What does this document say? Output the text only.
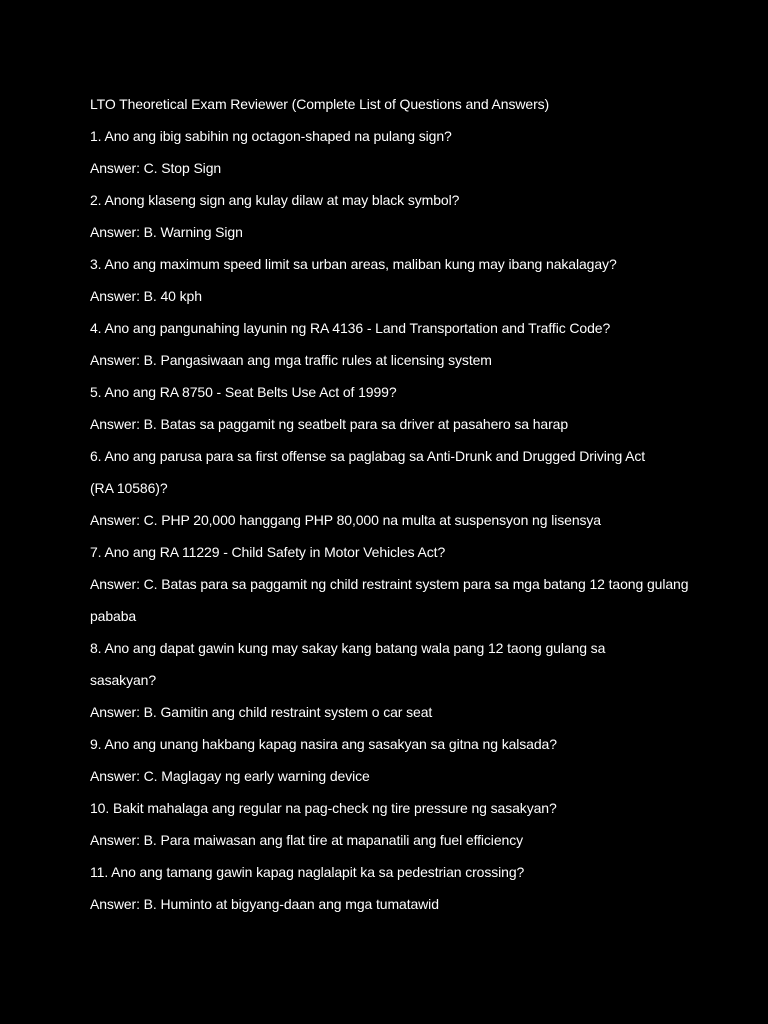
LTO Theoretical Exam Reviewer (Complete List of Questions and Answers)
1. Ano ang ibig sabihin ng octagon-shaped na pulang sign?
Answer: C. Stop Sign
2. Anong klaseng sign ang kulay dilaw at may black symbol?
Answer: B. Warning Sign
3. Ano ang maximum speed limit sa urban areas, maliban kung may ibang nakalagay?
Answer: B. 40 kph
4. Ano ang pangunahing layunin ng RA 4136 - Land Transportation and Traffic Code?
Answer: B. Pangasiwaan ang mga traffic rules at licensing system
5. Ano ang RA 8750 - Seat Belts Use Act of 1999?
Answer: B. Batas sa paggamit ng seatbelt para sa driver at pasahero sa harap
6. Ano ang parusa para sa first offense sa paglabag sa Anti-Drunk and Drugged Driving Act
(RA 10586)?
Answer: C. PHP 20,000 hanggang PHP 80,000 na multa at suspensyon ng lisensya
7. Ano ang RA 11229 - Child Safety in Motor Vehicles Act?
Answer: C. Batas para sa paggamit ng child restraint system para sa mga batang 12 taong gulang
pababa
8. Ano ang dapat gawin kung may sakay kang batang wala pang 12 taong gulang sa
sasakyan?
Answer: B. Gamitin ang child restraint system o car seat
9. Ano ang unang hakbang kapag nasira ang sasakyan sa gitna ng kalsada?
Answer: C. Maglagay ng early warning device
10. Bakit mahalaga ang regular na pag-check ng tire pressure ng sasakyan?
Answer: B. Para maiwasan ang flat tire at mapanatili ang fuel efficiency
11. Ano ang tamang gawin kapag naglalapit ka sa pedestrian crossing?
Answer: B. Huminto at bigyang-daan ang mga tumatawid
